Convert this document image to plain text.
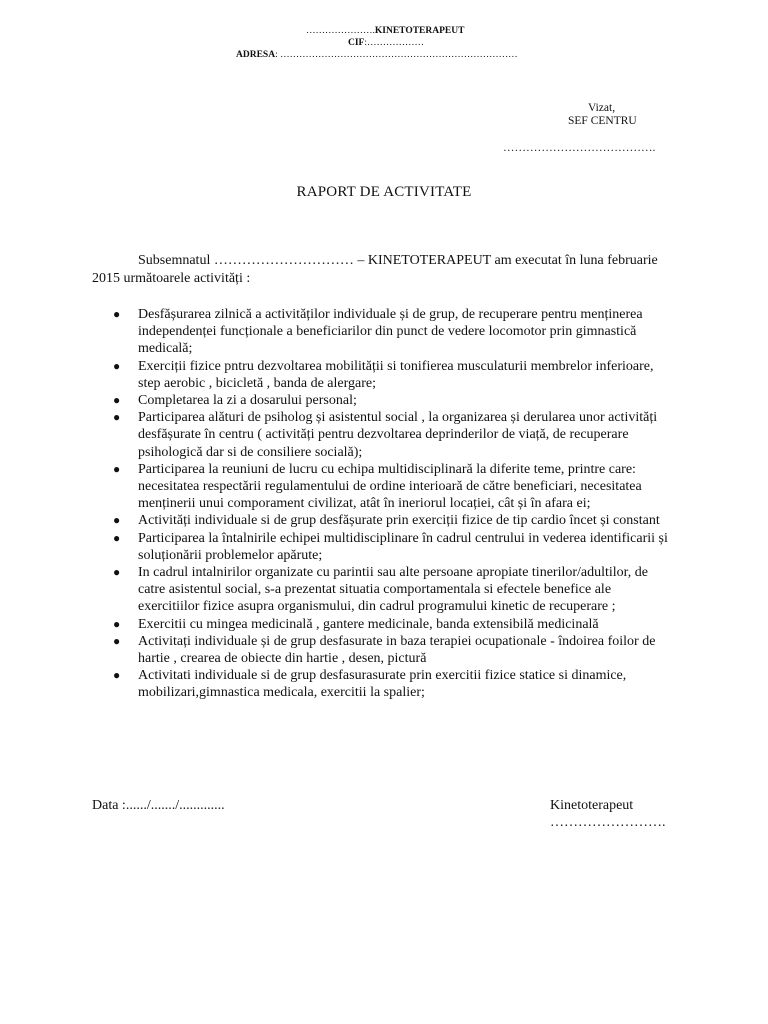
………………….KINETOTERAPEUT
CIF:………………
ADRESA: …………………………………………………………………
Vizat,
SEF CENTRU
………………………………….
RAPORT DE ACTIVITATE
Subsemnatul ………………………… – KINETOTERAPEUT am executat în luna februarie 2015 următoarele activități :
● Desfășurarea zilnică a activităților individuale și de grup, de recuperare pentru menținerea independenței funcționale a beneficiarilor din punct de vedere locomotor prin gimnastică medicală;
● Exerciții fizice pntru dezvoltarea mobilității si tonifierea musculaturii membrelor inferioare, step aerobic , bicicletă , banda de alergare;
● Completarea la zi a dosarului personal;
● Participarea alături de psiholog și asistentul social , la organizarea și derularea unor activități desfășurate în centru ( activități pentru dezvoltarea deprinderilor de viață, de recuperare psihologică dar si de consiliere socială);
● Participarea la reuniuni de lucru cu echipa multidisciplinară la diferite teme, printre care: necesitatea respectării regulamentului de ordine interioară de către beneficiari, necesitatea menținerii unui comporament civilizat, atât în ineriorul locației, cât și în afara ei;
● Activități individuale si de grup desfășurate prin exerciții fizice de tip cardio încet și constant
● Participarea la întalnirile echipei multidisciplinare în cadrul centrului in vederea identificarii și soluționării problemelor apărute;
● In cadrul intalnirilor organizate cu parintii sau alte persoane apropiate tinerilor/adultilor, de catre asistentul social, s-a prezentat situatia comportamentala si efectele benefice ale exercitiilor fizice asupra organismului, din cadrul programului kinetic de recuperare ;
● Exercitii cu mingea medicinală , gantere medicinale, banda extensibilă medicinală
● Activitați individuale și de grup desfasurate in baza terapiei ocupationale - îndoirea foilor de hartie , crearea de obiecte din hartie , desen, pictură
● Activitati individuale si de grup desfasurasurate prin exercitii fizice statice si dinamice, mobilizari,gimnastica medicala, exercitii la spalier;
Data :....../......./.............	Kinetoterapeut
…………………….
